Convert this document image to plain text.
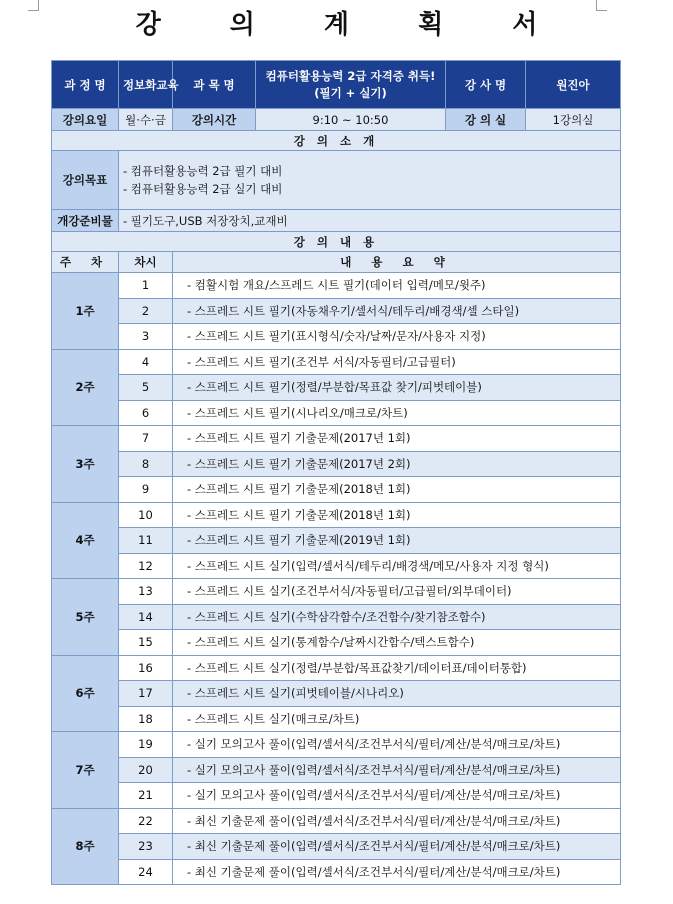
강 의 계 획 서
과 정 명	정보화교육	과 목 명	컴퓨터활용능력 2급 자격증 취득! (필기 + 실기)	강 사 명	원진아
강의요일	월·수·금	강의시간	9:10 ~ 10:50	강 의 실	1강의실
강 의 소 개					
강의목표	- 컴퓨터활용능력 2급 필기 대비
- 컴퓨터활용능력 2급 실기 대비				

개강준비물	- 필기도구,USB 저장장치,교재비				
강 의 내 용					
주 차	차시	내 용 요 약			
1주	1	- 컴활시험 개요/스프레드 시트 필기(데이터 입력/메모/윗주)			
	2	- 스프레드 시트 필기(자동채우기/셀서식/테두리/배경색/셀 스타일)			
	3	- 스프레드 시트 필기(표시형식/숫자/날짜/문자/사용자 지정)			
2주	4	- 스프레드 시트 필기(조건부 서식/자동필터/고급필터)			
	5	- 스프레드 시트 필기(정렬/부분합/목표값 찾기/피벗테이블)			
	6	- 스프레드 시트 필기(시나리오/매크로/차트)			
3주	7	- 스프레드 시트 필기 기출문제(2017년 1회)			
	8	- 스프레드 시트 필기 기출문제(2017년 2회)			
	9	- 스프레드 시트 필기 기출문제(2018년 1회)			
4주	10	- 스프레드 시트 필기 기출문제(2018년 1회)			
	11	- 스프레드 시트 필기 기출문제(2019년 1회)			
	12	- 스프레드 시트 실기(입력/셀서식/테두리/배경색/메모/사용자 지정 형식)			
5주	13	- 스프레드 시트 실기(조건부서식/자동필터/고급필터/외부데이터)			
	14	- 스프레드 시트 실기(수학삼각함수/조건함수/찾기참조함수)			
	15	- 스프레드 시트 실기(통계함수/날짜시간함수/텍스트함수)			
6주	16	- 스프레드 시트 실기(정렬/부분합/목표값찾기/데이터표/데이터통합)			
	17	- 스프레드 시트 실기(피벗테이블/시나리오)			
	18	- 스프레드 시트 실기(매크로/차트)			
7주	19	- 실기 모의고사 풀이(입력/셀서식/조건부서식/필터/계산/분석/매크로/차트)			
	20	- 실기 모의고사 풀이(입력/셀서식/조건부서식/필터/계산/분석/매크로/차트)			
	21	- 실기 모의고사 풀이(입력/셀서식/조건부서식/필터/계산/분석/매크로/차트)			
8주	22	- 최신 기출문제 풀이(입력/셀서식/조건부서식/필터/계산/분석/매크로/차트)			
	23	- 최신 기출문제 풀이(입력/셀서식/조건부서식/필터/계산/분석/매크로/차트)			
	24	- 최신 기출문제 풀이(입력/셀서식/조건부서식/필터/계산/분석/매크로/차트)			
